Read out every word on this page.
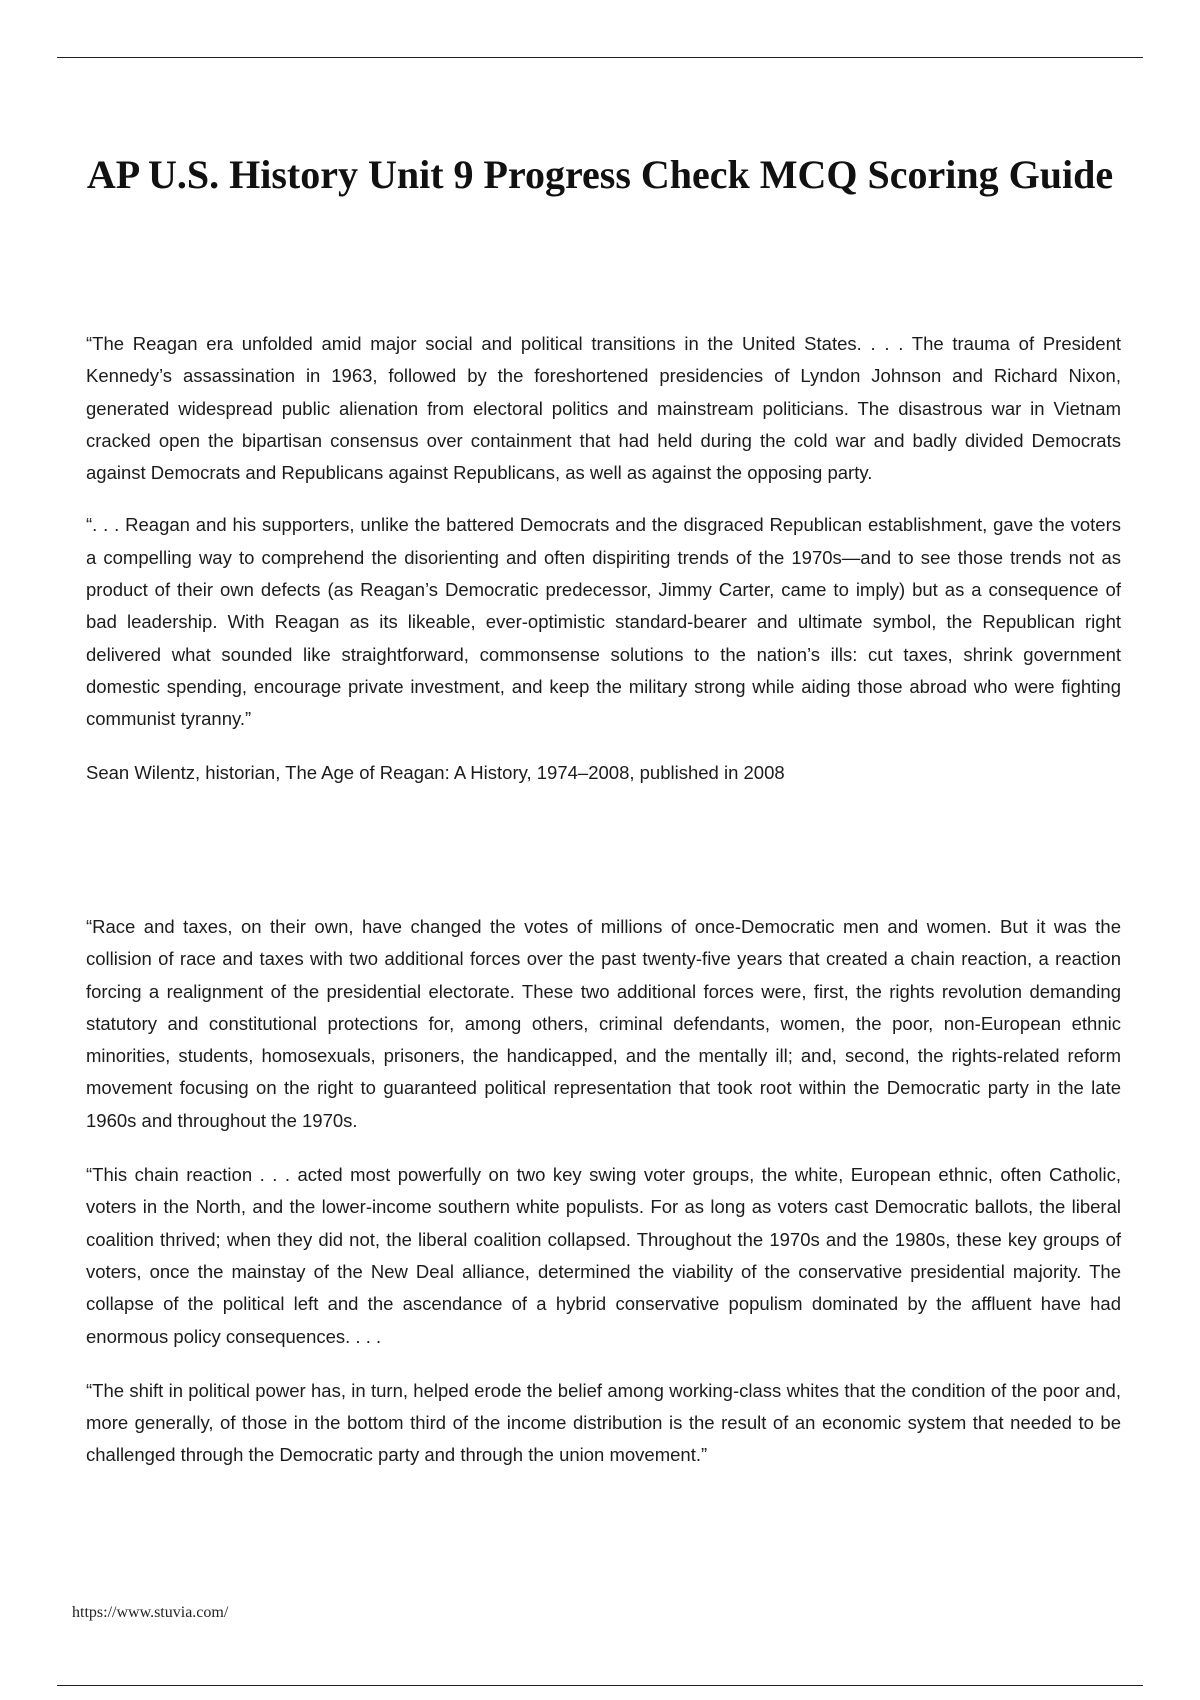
AP U.S. History Unit 9 Progress Check MCQ Scoring Guide

“The Reagan era unfolded amid major social and political transitions in the United States. . . . The trauma of President Kennedy’s assassination in 1963, followed by the foreshortened presidencies of Lyndon Johnson and Richard Nixon, generated widespread public alienation from electoral politics and mainstream politicians. The disastrous war in Vietnam cracked open the bipartisan consensus over containment that had held during the cold war and badly divided Democrats against Democrats and Republicans against Republicans, as well as against the opposing party.

“. . . Reagan and his supporters, unlike the battered Democrats and the disgraced Republican establishment, gave the voters a compelling way to comprehend the disorienting and often dispiriting trends of the 1970s—and to see those trends not as product of their own defects (as Reagan’s Democratic predecessor, Jimmy Carter, came to imply) but as a consequence of bad leadership. With Reagan as its likeable, ever-optimistic standard-bearer and ultimate symbol, the Republican right delivered what sounded like straightforward, commonsense solutions to the nation’s ills: cut taxes, shrink government domestic spending, encourage private investment, and keep the military strong while aiding those abroad who were fighting communist tyranny.”

Sean Wilentz, historian, The Age of Reagan: A History, 1974–2008, published in 2008

“Race and taxes, on their own, have changed the votes of millions of once-Democratic men and women. But it was the collision of race and taxes with two additional forces over the past twenty-five years that created a chain reaction, a reaction forcing a realignment of the presidential electorate. These two additional forces were, first, the rights revolution demanding statutory and constitutional protections for, among others, criminal defendants, women, the poor, non-European ethnic minorities, students, homosexuals, prisoners, the handicapped, and the mentally ill; and, second, the rights-related reform movement focusing on the right to guaranteed political representation that took root within the Democratic party in the late 1960s and throughout the 1970s.

“This chain reaction . . . acted most powerfully on two key swing voter groups, the white, European ethnic, often Catholic, voters in the North, and the lower-income southern white populists. For as long as voters cast Democratic ballots, the liberal coalition thrived; when they did not, the liberal coalition collapsed. Throughout the 1970s and the 1980s, these key groups of voters, once the mainstay of the New Deal alliance, determined the viability of the conservative presidential majority. The collapse of the political left and the ascendance of a hybrid conservative populism dominated by the affluent have had enormous policy consequences. . . .

“The shift in political power has, in turn, helped erode the belief among working-class whites that the condition of the poor and, more generally, of those in the bottom third of the income distribution is the result of an economic system that needed to be challenged through the Democratic party and through the union movement.”

https://www.stuvia.com/
